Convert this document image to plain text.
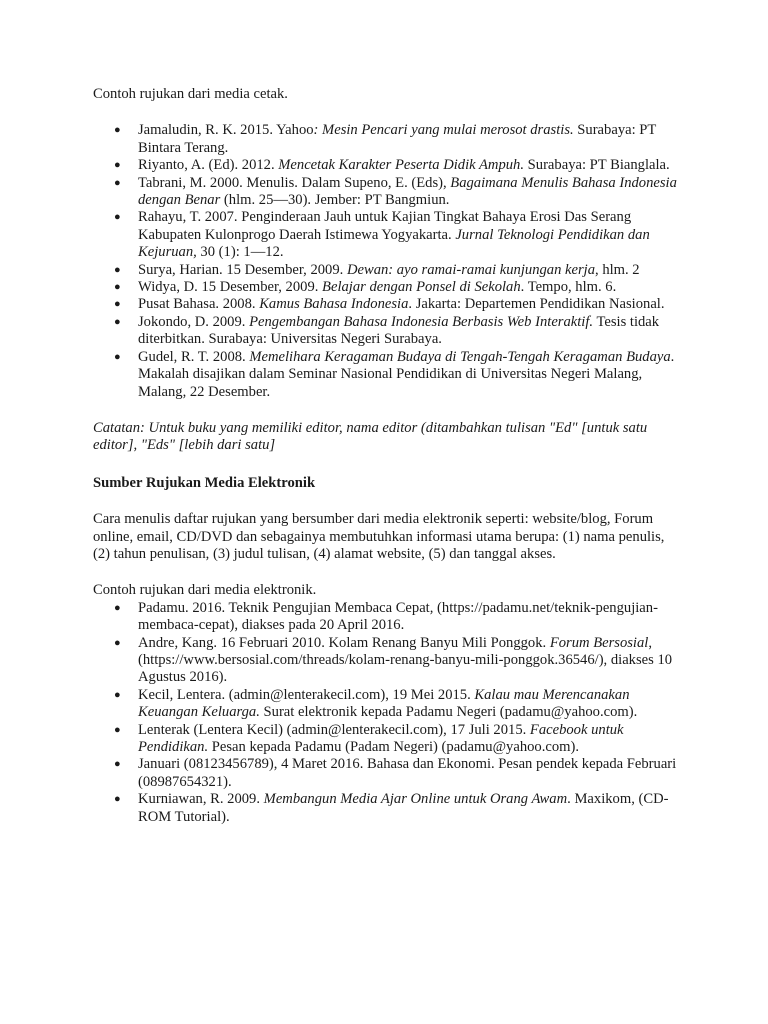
Contoh rujukan dari media cetak.

● Jamaludin, R. K. 2015. Yahoo: Mesin Pencari yang mulai merosot drastis. Surabaya: PT Bintara Terang.
● Riyanto, A. (Ed). 2012. Mencetak Karakter Peserta Didik Ampuh. Surabaya: PT Bianglala.
● Tabrani, M. 2000. Menulis. Dalam Supeno, E. (Eds), Bagaimana Menulis Bahasa Indonesia dengan Benar (hlm. 25—30). Jember: PT Bangmiun.
● Rahayu, T. 2007. Penginderaan Jauh untuk Kajian Tingkat Bahaya Erosi Das Serang Kabupaten Kulonprogo Daerah Istimewa Yogyakarta. Jurnal Teknologi Pendidikan dan Kejuruan, 30 (1): 1—12.
● Surya, Harian. 15 Desember, 2009. Dewan: ayo ramai-ramai kunjungan kerja, hlm. 2
● Widya, D. 15 Desember, 2009. Belajar dengan Ponsel di Sekolah. Tempo, hlm. 6.
● Pusat Bahasa. 2008. Kamus Bahasa Indonesia. Jakarta: Departemen Pendidikan Nasional.
● Jokondo, D. 2009. Pengembangan Bahasa Indonesia Berbasis Web Interaktif. Tesis tidak diterbitkan. Surabaya: Universitas Negeri Surabaya.
● Gudel, R. T. 2008. Memelihara Keragaman Budaya di Tengah-Tengah Keragaman Budaya. Makalah disajikan dalam Seminar Nasional Pendidikan di Universitas Negeri Malang, Malang, 22 Desember.

Catatan: Untuk buku yang memiliki editor, nama editor (ditambahkan tulisan "Ed" [untuk satu editor], "Eds" [lebih dari satu]

Sumber Rujukan Media Elektronik

Cara menulis daftar rujukan yang bersumber dari media elektronik seperti: website/blog, Forum online, email, CD/DVD dan sebagainya membutuhkan informasi utama berupa: (1) nama penulis, (2) tahun penulisan, (3) judul tulisan, (4) alamat website, (5) dan tanggal akses.

Contoh rujukan dari media elektronik.

● Padamu. 2016. Teknik Pengujian Membaca Cepat, (https://padamu.net/teknik-pengujian-membaca-cepat), diakses pada 20 April 2016.
● Andre, Kang. 16 Februari 2010. Kolam Renang Banyu Mili Ponggok. Forum Bersosial, (https://www.bersosial.com/threads/kolam-renang-banyu-mili-ponggok.36546/), diakses 10 Agustus 2016).
● Kecil, Lentera. (admin@lenterakecil.com), 19 Mei 2015. Kalau mau Merencanakan Keuangan Keluarga. Surat elektronik kepada Padamu Negeri (padamu@yahoo.com).
● Lenterak (Lentera Kecil) (admin@lenterakecil.com), 17 Juli 2015. Facebook untuk Pendidikan. Pesan kepada Padamu (Padam Negeri) (padamu@yahoo.com).
● Januari (08123456789), 4 Maret 2016. Bahasa dan Ekonomi. Pesan pendek kepada Februari (08987654321).
● Kurniawan, R. 2009. Membangun Media Ajar Online untuk Orang Awam. Maxikom, (CD-ROM Tutorial).
